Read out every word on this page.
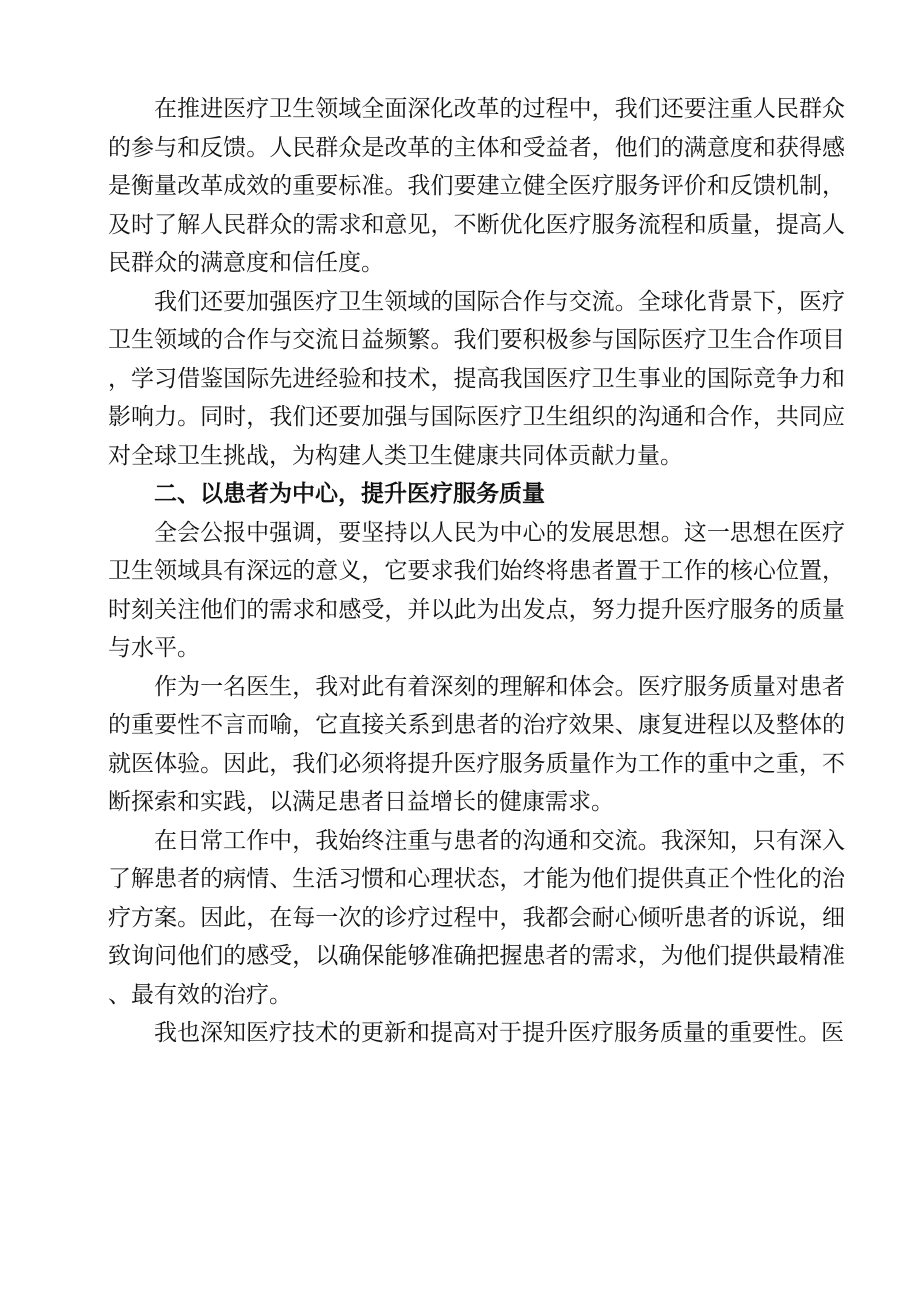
在推进医疗卫生领域全面深化改革的过程中，我们还要注重人民群众的参与和反馈。人民群众是改革的主体和受益者，他们的满意度和获得感是衡量改革成效的重要标准。我们要建立健全医疗服务评价和反馈机制，及时了解人民群众的需求和意见，不断优化医疗服务流程和质量，提高人民群众的满意度和信任度。

我们还要加强医疗卫生领域的国际合作与交流。全球化背景下，医疗卫生领域的合作与交流日益频繁。我们要积极参与国际医疗卫生合作项目，学习借鉴国际先进经验和技术，提高我国医疗卫生事业的国际竞争力和影响力。同时，我们还要加强与国际医疗卫生组织的沟通和合作，共同应对全球卫生挑战，为构建人类卫生健康共同体贡献力量。

二、以患者为中心，提升医疗服务质量

全会公报中强调，要坚持以人民为中心的发展思想。这一思想在医疗卫生领域具有深远的意义，它要求我们始终将患者置于工作的核心位置，时刻关注他们的需求和感受，并以此为出发点，努力提升医疗服务的质量与水平。

作为一名医生，我对此有着深刻的理解和体会。医疗服务质量对患者的重要性不言而喻，它直接关系到患者的治疗效果、康复进程以及整体的就医体验。因此，我们必须将提升医疗服务质量作为工作的重中之重，不断探索和实践，以满足患者日益增长的健康需求。

在日常工作中，我始终注重与患者的沟通和交流。我深知，只有深入了解患者的病情、生活习惯和心理状态，才能为他们提供真正个性化的治疗方案。因此，在每一次的诊疗过程中，我都会耐心倾听患者的诉说，细致询问他们的感受，以确保能够准确把握患者的需求，为他们提供最精准、最有效的治疗。

我也深知医疗技术的更新和提高对于提升医疗服务质量的重要性。医
